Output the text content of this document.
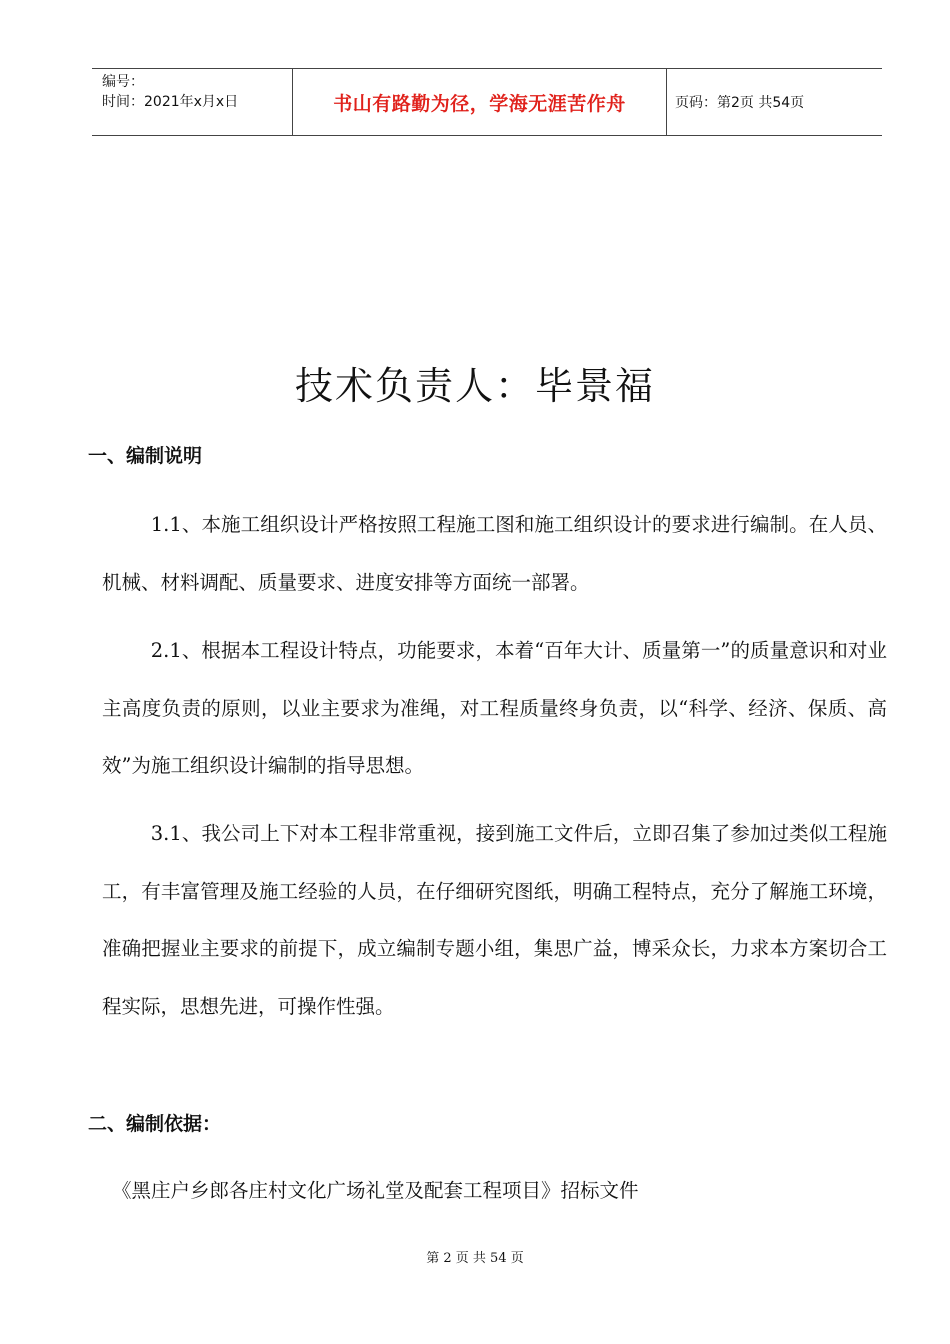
编号：
时间：2021年x月x日	书山有路勤为径，学海无涯苦作舟	页码：第2页 共54页
技术负责人：毕景福
一、编制说明

1.1、本施工组织设计严格按照工程施工图和施工组织设计的要求进行编制。在人员、机械、材料调配、质量要求、进度安排等方面统一部署。

2.1、根据本工程设计特点，功能要求，本着“百年大计、质量第一”的质量意识和对业主高度负责的原则，以业主要求为准绳，对工程质量终身负责，以“科学、经济、保质、高效”为施工组织设计编制的指导思想。

3.1、我公司上下对本工程非常重视，接到施工文件后，立即召集了参加过类似工程施工，有丰富管理及施工经验的人员，在仔细研究图纸，明确工程特点，充分了解施工环境，准确把握业主要求的前提下，成立编制专题小组，集思广益，博采众长，力求本方案切合工程实际，思想先进，可操作性强。

二、编制依据：

《黑庄户乡郎各庄村文化广场礼堂及配套工程项目》招标文件

第 2 页 共 54 页
